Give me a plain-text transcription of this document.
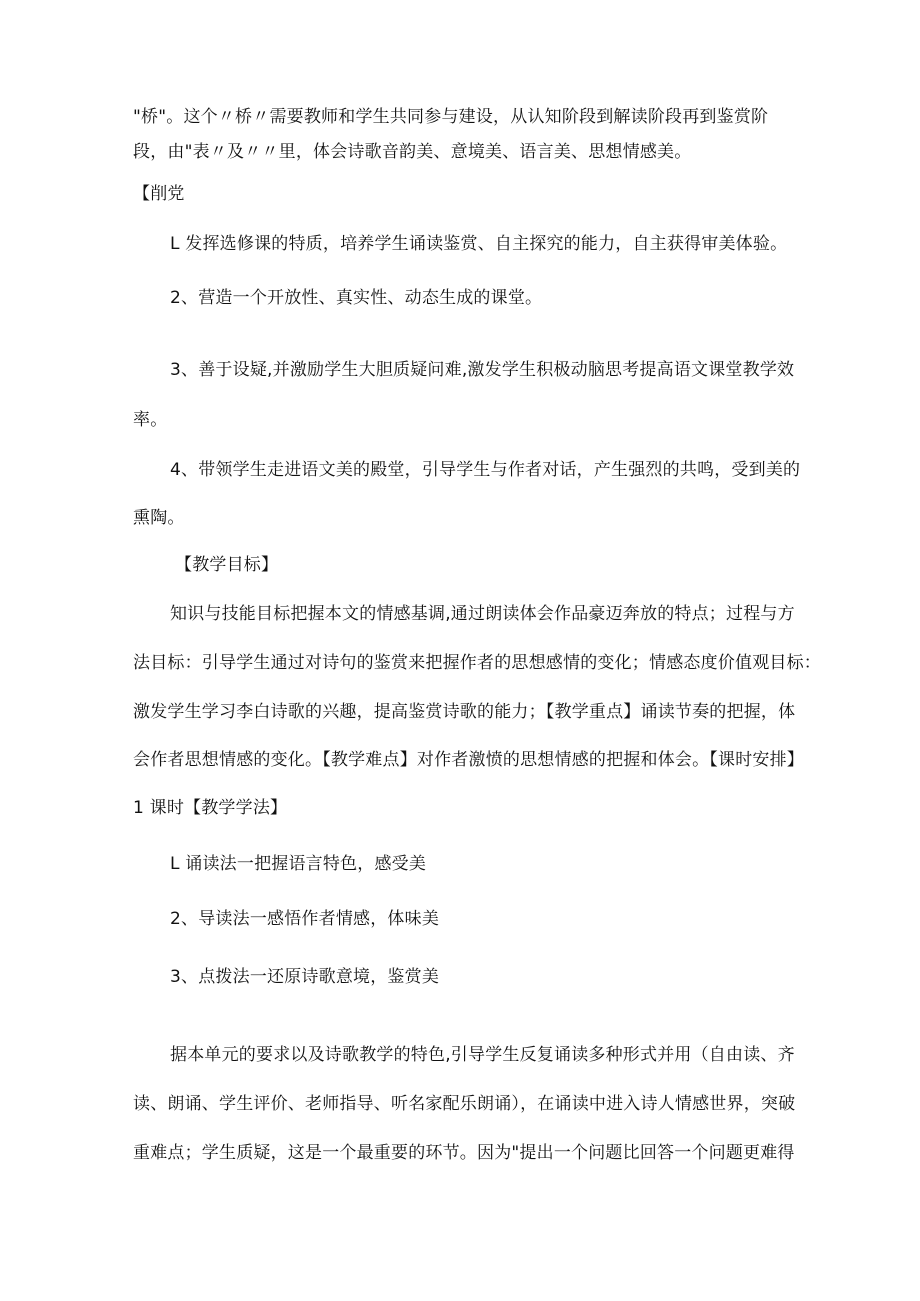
"桥"。这个〃桥〃需要教师和学生共同参与建设，从认知阶段到解读阶段再到鉴赏阶
段，由"表〃及〃〃里，体会诗歌音韵美、意境美、语言美、思想情感美。
【削党
L 发挥选修课的特质，培养学生诵读鉴赏、自主探究的能力，自主获得审美体验。
2、营造一个开放性、真实性、动态生成的课堂。
3、善于设疑,并激励学生大胆质疑问难,激发学生积极动脑思考提高语文课堂教学效
率。
4、带领学生走进语文美的殿堂，引导学生与作者对话，产生强烈的共鸣，受到美的
熏陶。
【教学目标】
知识与技能目标把握本文的情感基调,通过朗读体会作品豪迈奔放的特点；过程与方
法目标：引导学生通过对诗句的鉴赏来把握作者的思想感情的变化；情感态度价值观目标：
激发学生学习李白诗歌的兴趣，提高鉴赏诗歌的能力；【教学重点】诵读节奏的把握，体
会作者思想情感的变化。【教学难点】对作者激愤的思想情感的把握和体会。【课时安排】
1 课时【教学学法】
L 诵读法一把握语言特色，感受美
2、导读法一感悟作者情感，体味美
3、点拨法一还原诗歌意境，鉴赏美
据本单元的要求以及诗歌教学的特色,引导学生反复诵读多种形式并用（自由读、齐
读、朗诵、学生评价、老师指导、听名家配乐朗诵），在诵读中进入诗人情感世界，突破
重难点；学生质疑，这是一个最重要的环节。因为"提出一个问题比回答一个问题更难得
